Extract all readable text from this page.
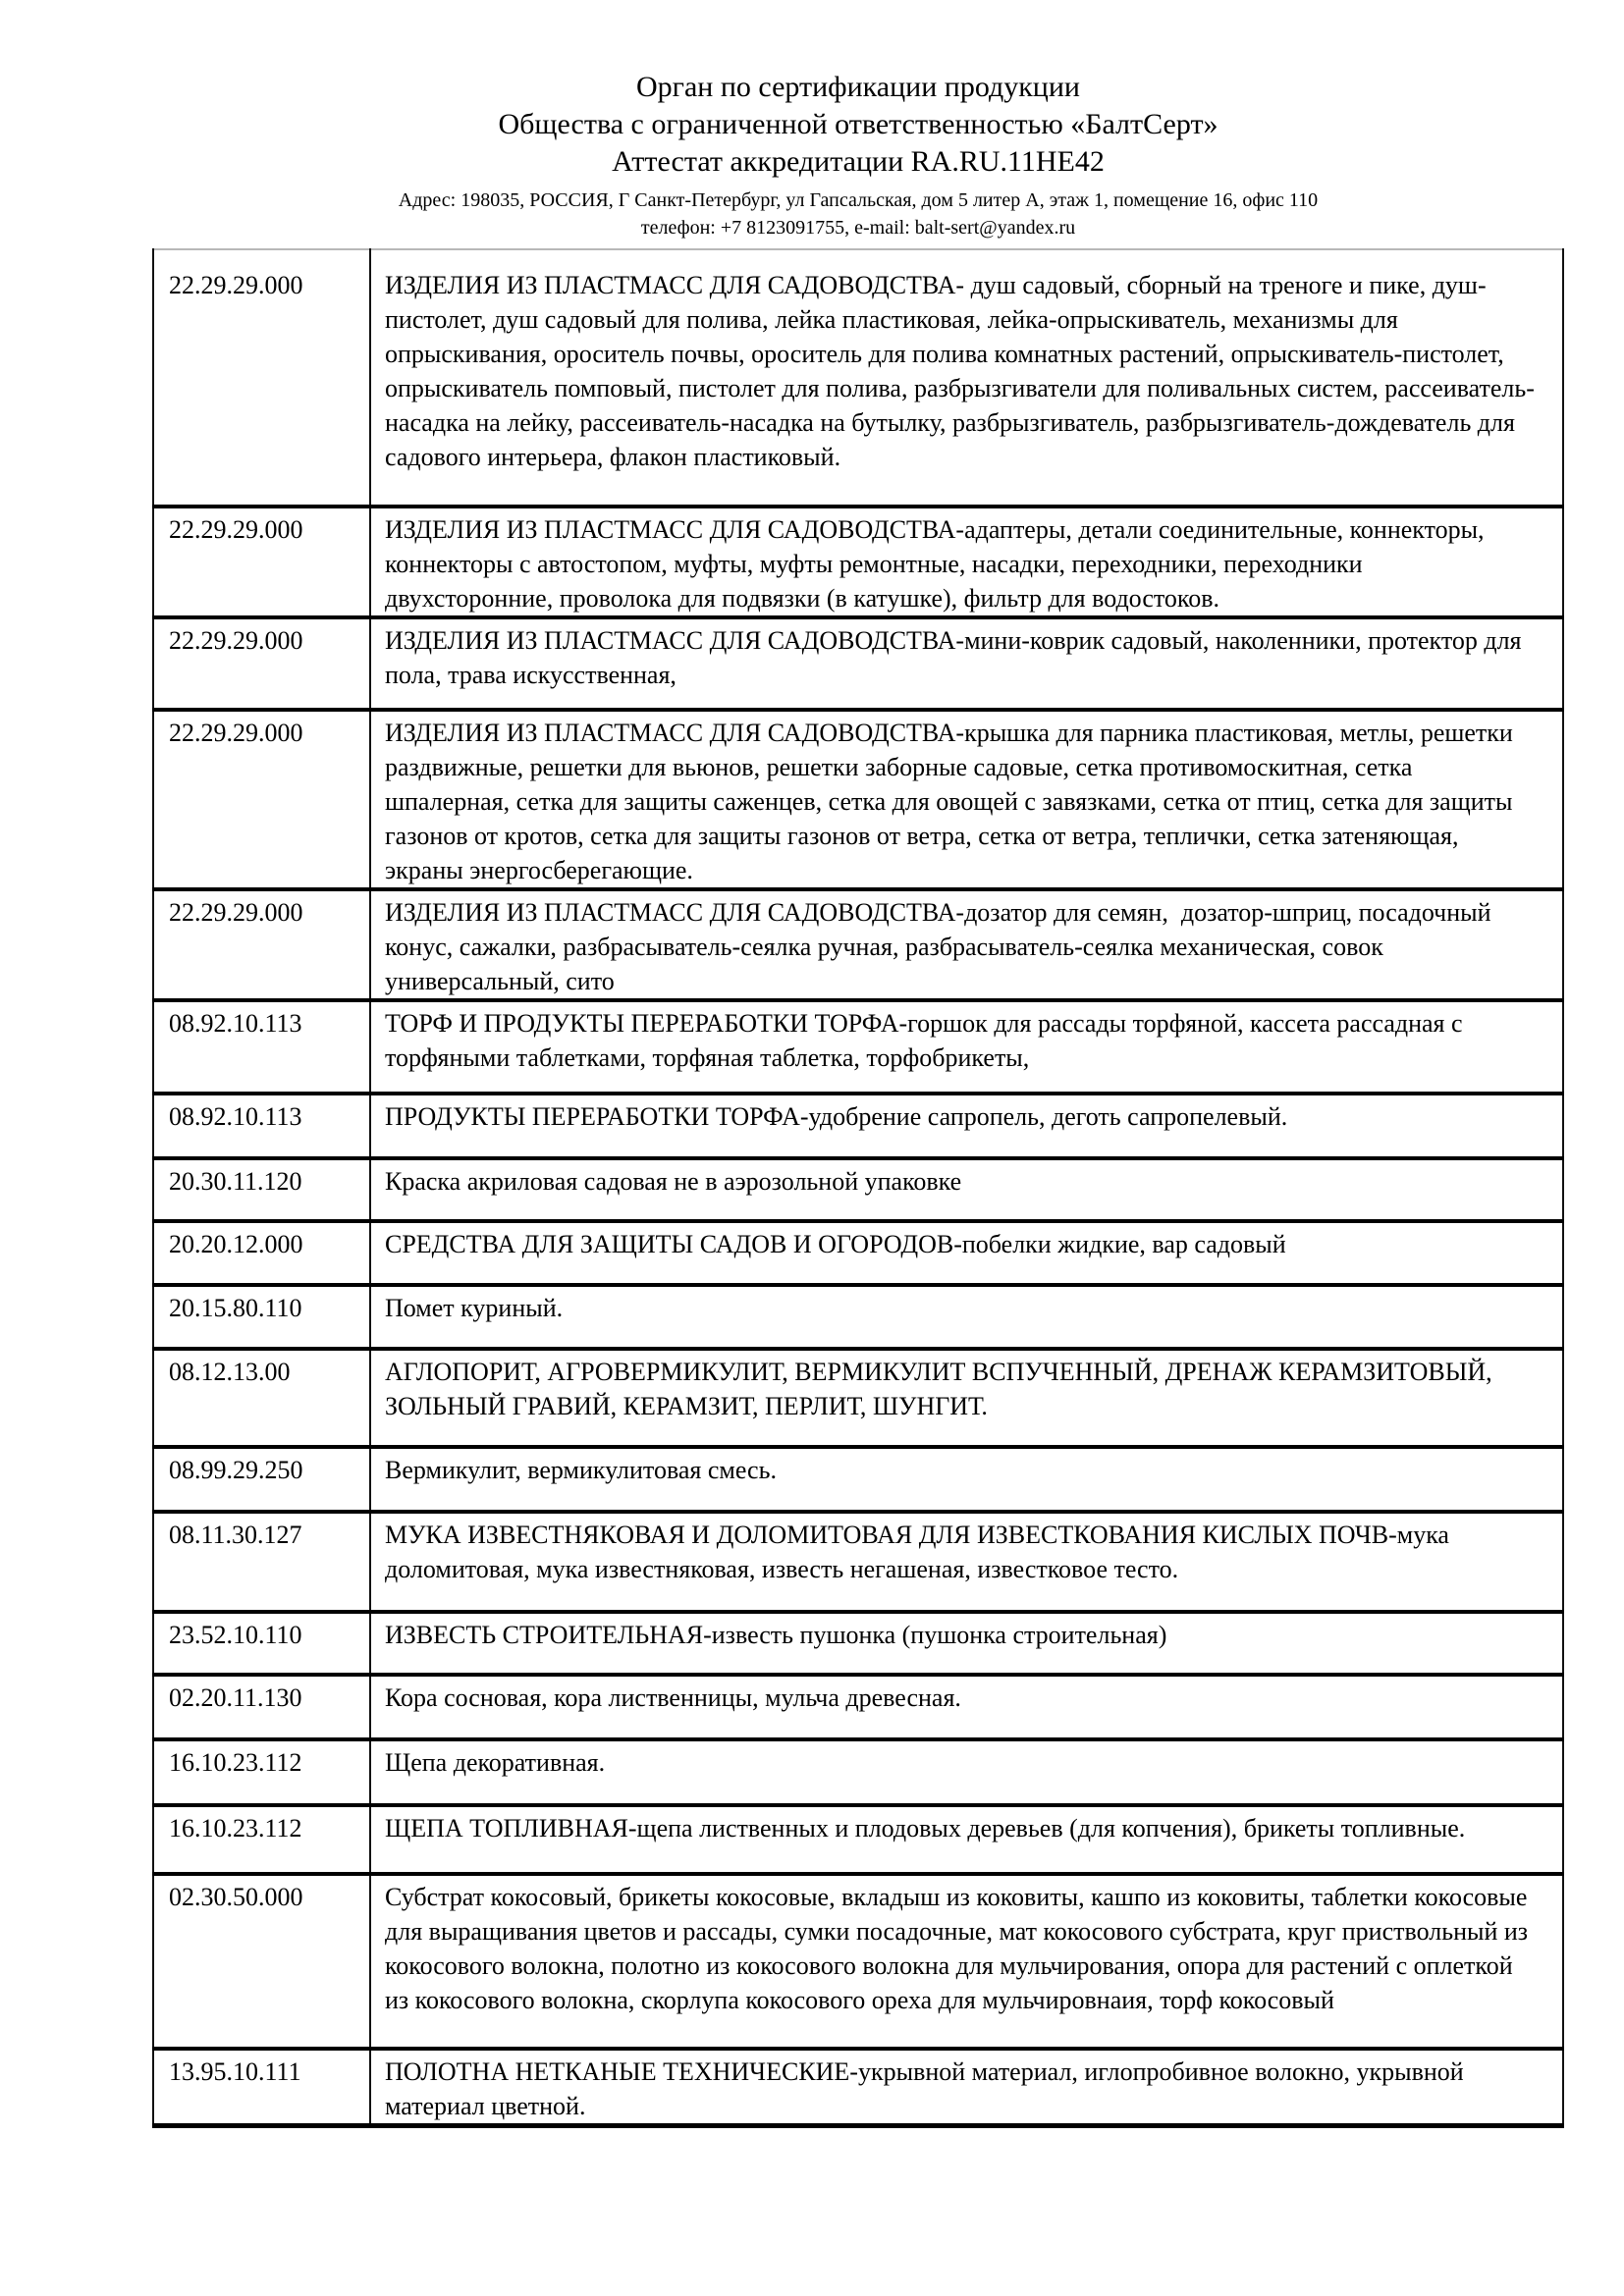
Орган по сертификации продукции
Общества с ограниченной ответственностью «БалтСерт»
Аттестат аккредитации RA.RU.11HE42
Адрес: 198035, РОССИЯ, Г Санкт-Петербург, ул Гапсальская, дом 5 литер А, этаж 1, помещение 16, офис 110
телефон: +7 8123091755, e-mail: balt-sert@yandex.ru
22.29.29.000	ИЗДЕЛИЯ ИЗ ПЛАСТМАСС ДЛЯ САДОВОДСТВА- душ садовый, сборный на треноге и пике, душ-пистолет, душ садовый для полива, лейка пластиковая, лейка-опрыскиватель, механизмы для опрыскивания, ороситель почвы, ороситель для полива комнатных растений, опрыскиватель-пистолет, опрыскиватель помповый, пистолет для полива, разбрызгиватели для поливальных систем, рассеиватель-насадка на лейку, рассеиватель-насадка на бутылку, разбрызгиватель, разбрызгиватель-дождеватель для садового интерьера, флакон пластиковый.
22.29.29.000	ИЗДЕЛИЯ ИЗ ПЛАСТМАСС ДЛЯ САДОВОДСТВА-адаптеры, детали соединительные, коннекторы, коннекторы с автостопом, муфты, муфты ремонтные, насадки, переходники, переходники двухсторонние, проволока для подвязки (в катушке), фильтр для водостоков.
22.29.29.000	ИЗДЕЛИЯ ИЗ ПЛАСТМАСС ДЛЯ САДОВОДСТВА-мини-коврик садовый, наколенники, протектор для пола, трава искусственная,
22.29.29.000	ИЗДЕЛИЯ ИЗ ПЛАСТМАСС ДЛЯ САДОВОДСТВА-крышка для парника пластиковая, метлы, решетки раздвижные, решетки для вьюнов, решетки заборные садовые, сетка противомоскитная, сетка шпалерная, сетка для защиты саженцев, сетка для овощей с завязками, сетка от птиц, сетка для защиты газонов от кротов, сетка для защиты газонов от ветра, сетка от ветра, теплички, сетка затеняющая, экраны энергосберегающие.
22.29.29.000	ИЗДЕЛИЯ ИЗ ПЛАСТМАСС ДЛЯ САДОВОДСТВА-дозатор для семян,  дозатор-шприц, посадочный конус, сажалки, разбрасыватель-сеялка ручная, разбрасыватель-сеялка механическая, совок универсальный, сито
08.92.10.113	ТОРФ И ПРОДУКТЫ ПЕРЕРАБОТКИ ТОРФА-горшок для рассады торфяной, кассета рассадная с торфяными таблетками, торфяная таблетка, торфобрикеты,
08.92.10.113	ПРОДУКТЫ ПЕРЕРАБОТКИ ТОРФА-удобрение сапропель, деготь сапропелевый.
20.30.11.120	Краска акриловая садовая не в аэрозольной упаковке
20.20.12.000	СРЕДСТВА ДЛЯ ЗАЩИТЫ САДОВ И ОГОРОДОВ-побелки жидкие, вар садовый
20.15.80.110	Помет куриный.
08.12.13.00	АГЛОПОРИТ, АГРОВЕРМИКУЛИТ, ВЕРМИКУЛИТ ВСПУЧЕННЫЙ, ДРЕНАЖ КЕРАМЗИТОВЫЙ, ЗОЛЬНЫЙ ГРАВИЙ, КЕРАМЗИТ, ПЕРЛИТ, ШУНГИТ.
08.99.29.250	Вермикулит, вермикулитовая смесь.
08.11.30.127	МУКА ИЗВЕСТНЯКОВАЯ И ДОЛОМИТОВАЯ ДЛЯ ИЗВЕСТКОВАНИЯ КИСЛЫХ ПОЧВ-мука доломитовая, мука известняковая, известь негашеная, известковое тесто.
23.52.10.110	ИЗВЕСТЬ СТРОИТЕЛЬНАЯ-известь пушонка (пушонка строительная)
02.20.11.130	Кора сосновая, кора лиственницы, мульча древесная.
16.10.23.112	Щепа декоративная.
16.10.23.112	ЩЕПА ТОПЛИВНАЯ-щепа лиственных и плодовых деревьев (для копчения), брикеты топливные.
02.30.50.000	Субстрат кокосовый, брикеты кокосовые, вкладыш из коковиты, кашпо из коковиты, таблетки кокосовые для выращивания цветов и рассады, сумки посадочные, мат кокосового субстрата, круг приствольный из кокосового волокна, полотно из кокосового волокна для мульчирования, опора для растений с оплеткой из кокосового волокна, скорлупа кокосового ореха для мульчировнаия, торф кокосовый
13.95.10.111	ПОЛОТНА НЕТКАНЫЕ ТЕХНИЧЕСКИЕ-укрывной материал, иглопробивное волокно, укрывной материал цветной.
